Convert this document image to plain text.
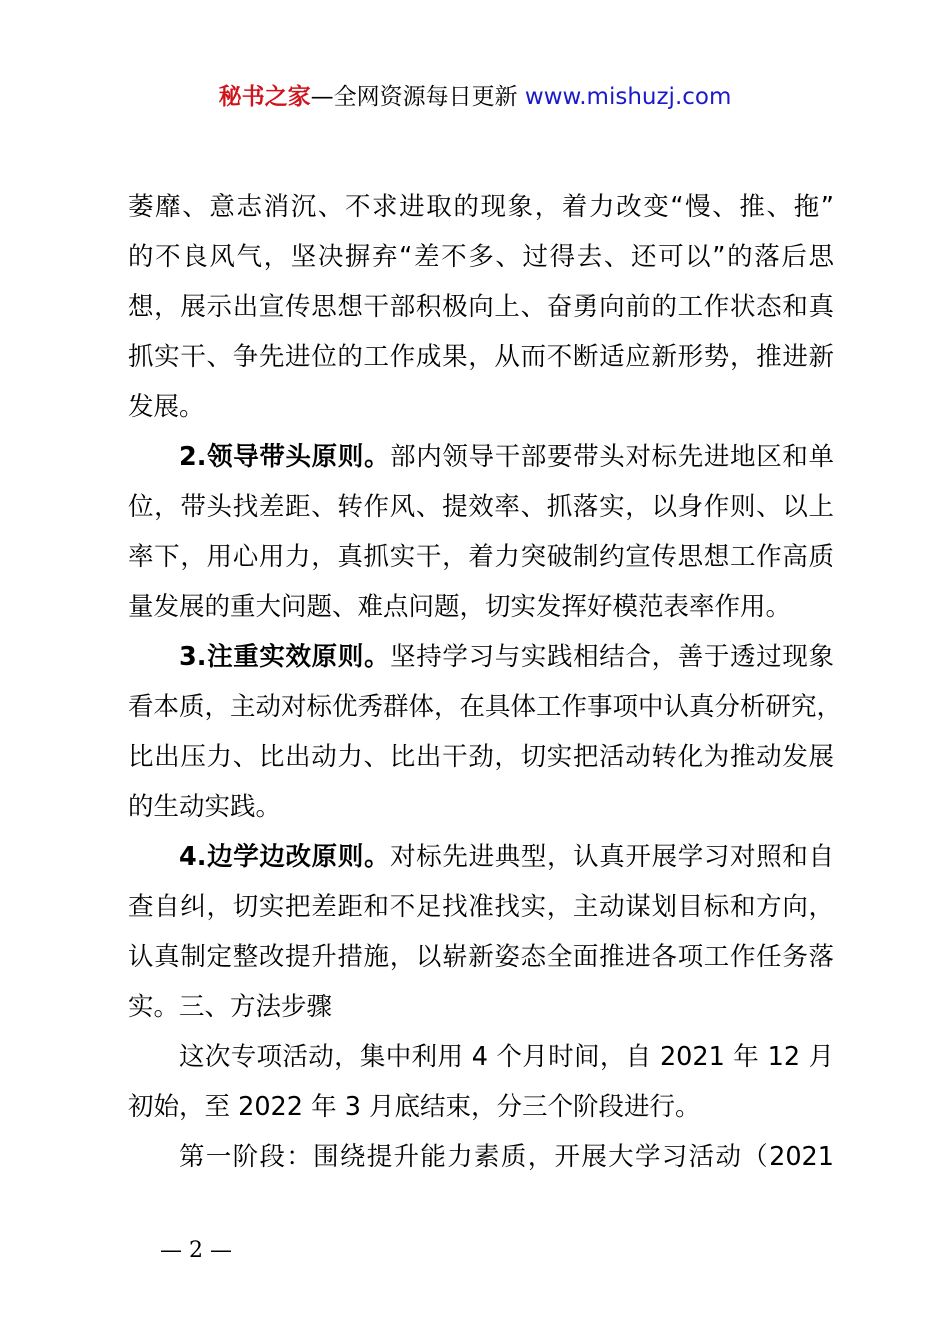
秘书之家—全网资源每日更新 www.mishuzj.com
萎靡、意志消沉、不求进取的现象，着力改变“慢、推、拖”
的不良风气，坚决摒弃“差不多、过得去、还可以”的落后思
想，展示出宣传思想干部积极向上、奋勇向前的工作状态和真
抓实干、争先进位的工作成果，从而不断适应新形势，推进新
发展。
2.领导带头原则。部内领导干部要带头对标先进地区和单
位，带头找差距、转作风、提效率、抓落实，以身作则、以上
率下，用心用力，真抓实干，着力突破制约宣传思想工作高质
量发展的重大问题、难点问题，切实发挥好模范表率作用。
3.注重实效原则。坚持学习与实践相结合，善于透过现象
看本质，主动对标优秀群体，在具体工作事项中认真分析研究，
比出压力、比出动力、比出干劲，切实把活动转化为推动发展
的生动实践。
4.边学边改原则。对标先进典型，认真开展学习对照和自
查自纠，切实把差距和不足找准找实，主动谋划目标和方向，
认真制定整改提升措施，以崭新姿态全面推进各项工作任务落
实。三、方法步骤
这次专项活动，集中利用 4 个月时间，自 2021 年 12 月
初始，至 2022 年 3 月底结束，分三个阶段进行。
第一阶段：围绕提升能力素质，开展大学习活动（2021
— 2 —
